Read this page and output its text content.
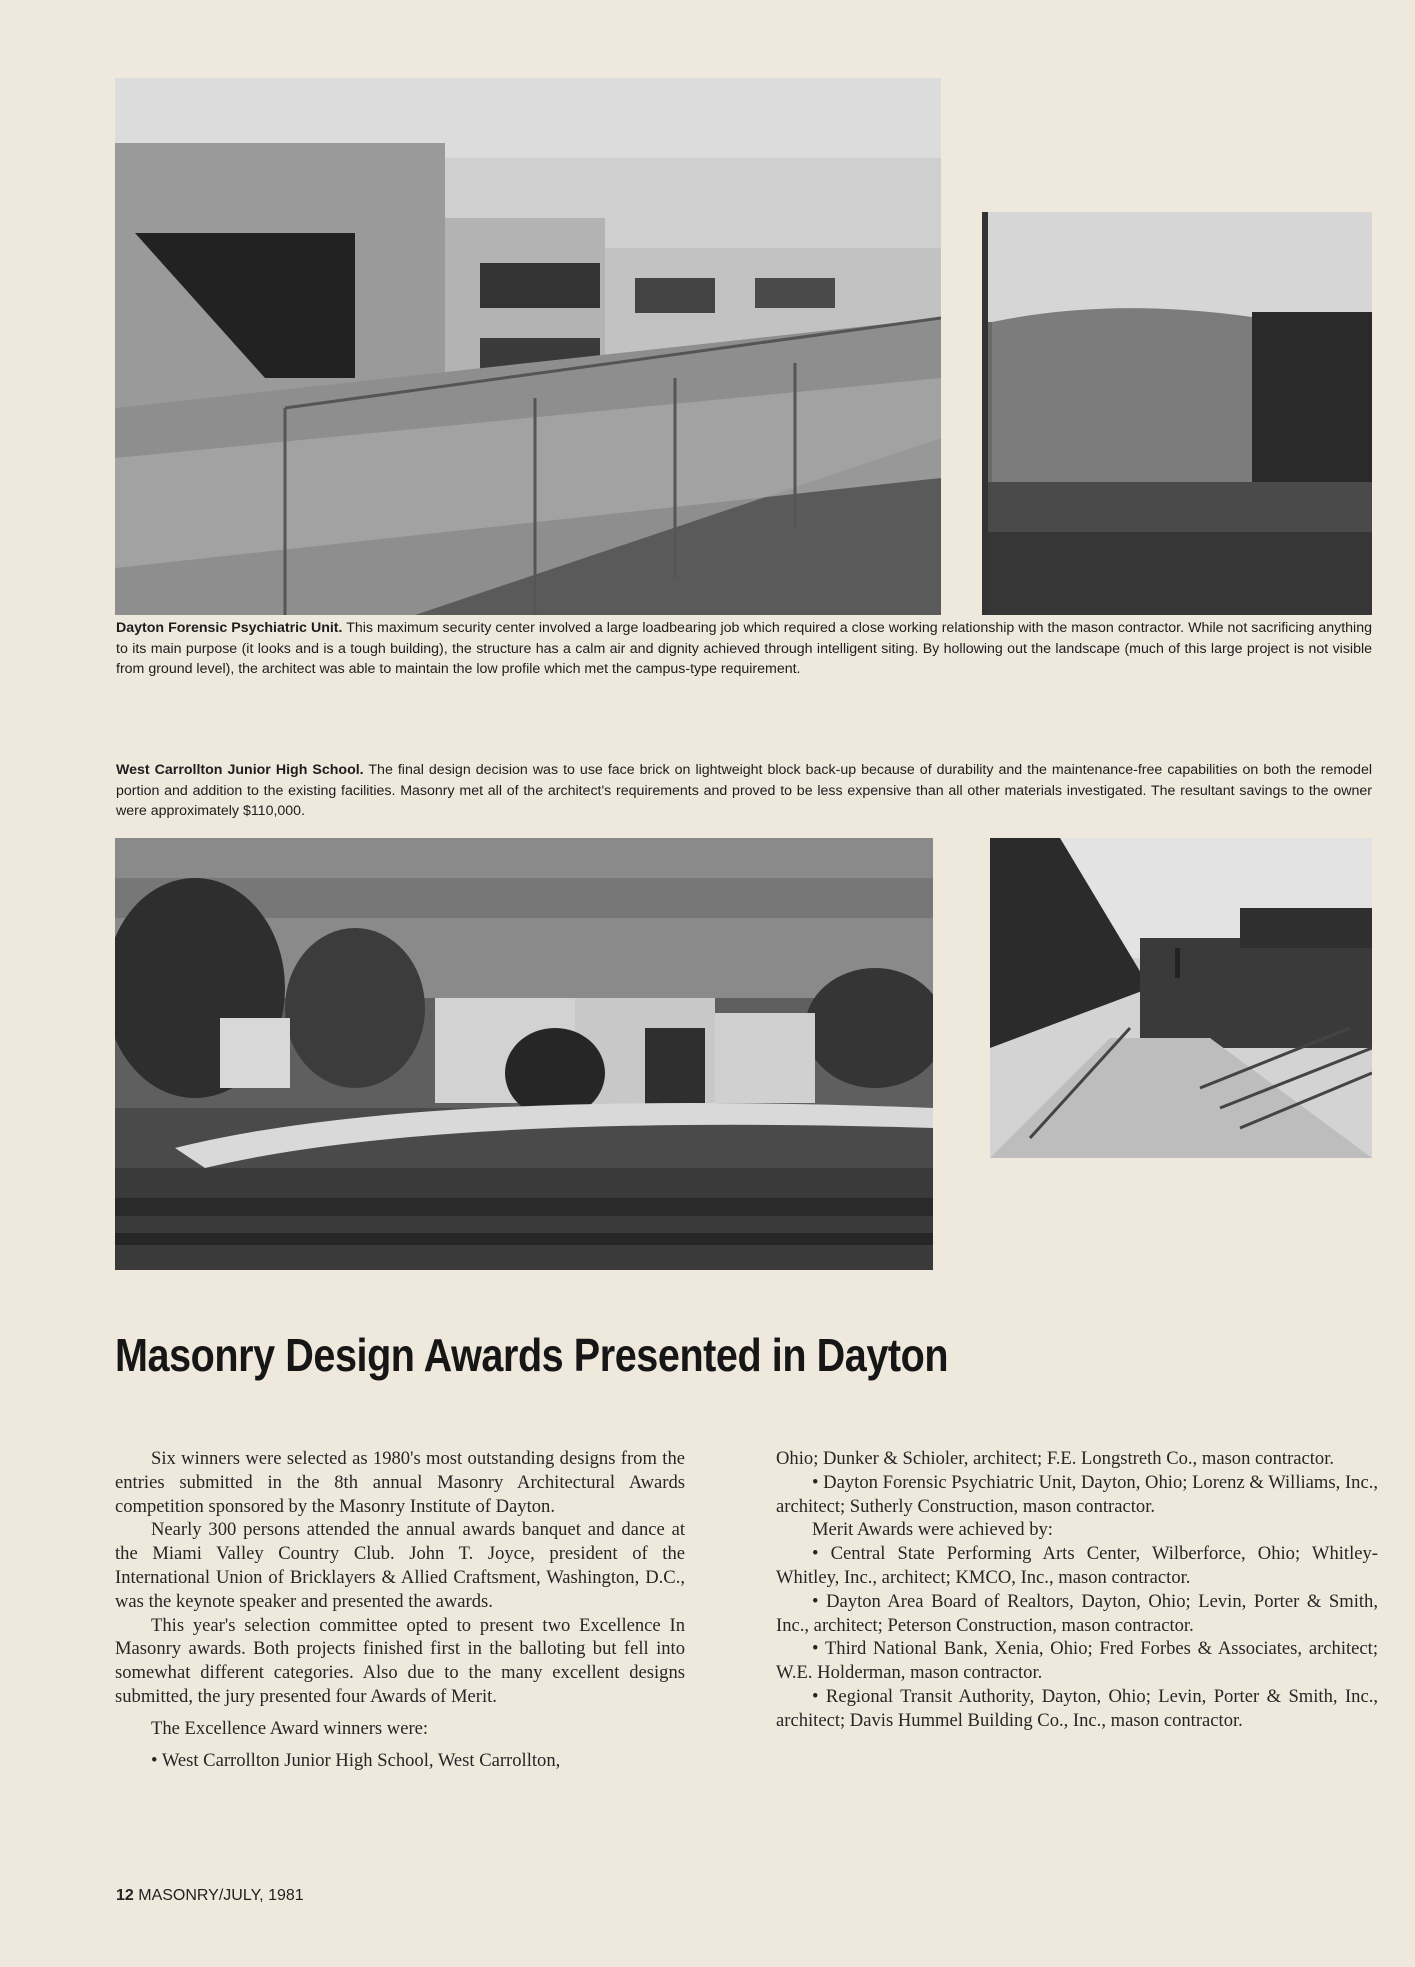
Dayton Forensic Psychiatric Unit. This maximum security center involved a large loadbearing job which required a close working relationship with the mason contractor. While not sacrificing anything to its main purpose (it looks and is a tough building), the structure has a calm air and dignity achieved through intelligent siting. By hollowing out the landscape (much of this large project is not visible from ground level), the architect was able to maintain the low profile which met the campus-type requirement.
West Carrollton Junior High School. The final design decision was to use face brick on lightweight block back-up because of durability and the maintenance-free capabilities on both the remodel portion and addition to the existing facilities. Masonry met all of the architect's requirements and proved to be less expensive than all other materials investigated. The resultant savings to the owner were approximately $110,000.
Masonry Design Awards Presented in Dayton

Six winners were selected as 1980's most outstanding designs from the entries submitted in the 8th annual Masonry Architectural Awards competition sponsored by the Masonry Institute of Dayton.

Nearly 300 persons attended the annual awards banquet and dance at the Miami Valley Country Club. John T. Joyce, president of the International Union of Bricklayers & Allied Craftsment, Washington, D.C., was the keynote speaker and presented the awards.

This year's selection committee opted to present two Excellence In Masonry awards. Both projects finished first in the balloting but fell into somewhat different categories. Also due to the many excellent designs submitted, the jury presented four Awards of Merit.

The Excellence Award winners were:

• West Carrollton Junior High School, West Carrollton,

Ohio; Dunker & Schioler, architect; F.E. Longstreth Co., mason contractor.

• Dayton Forensic Psychiatric Unit, Dayton, Ohio; Lorenz & Williams, Inc., architect; Sutherly Construction, mason contractor.

Merit Awards were achieved by:

• Central State Performing Arts Center, Wilberforce, Ohio; Whitley-Whitley, Inc., architect; KMCO, Inc., mason contractor.

• Dayton Area Board of Realtors, Dayton, Ohio; Levin, Porter & Smith, Inc., architect; Peterson Construction, mason contractor.

• Third National Bank, Xenia, Ohio; Fred Forbes & Associates, architect; W.E. Holderman, mason contractor.

• Regional Transit Authority, Dayton, Ohio; Levin, Porter & Smith, Inc., architect; Davis Hummel Building Co., Inc., mason contractor.

12 MASONRY/JULY, 1981
